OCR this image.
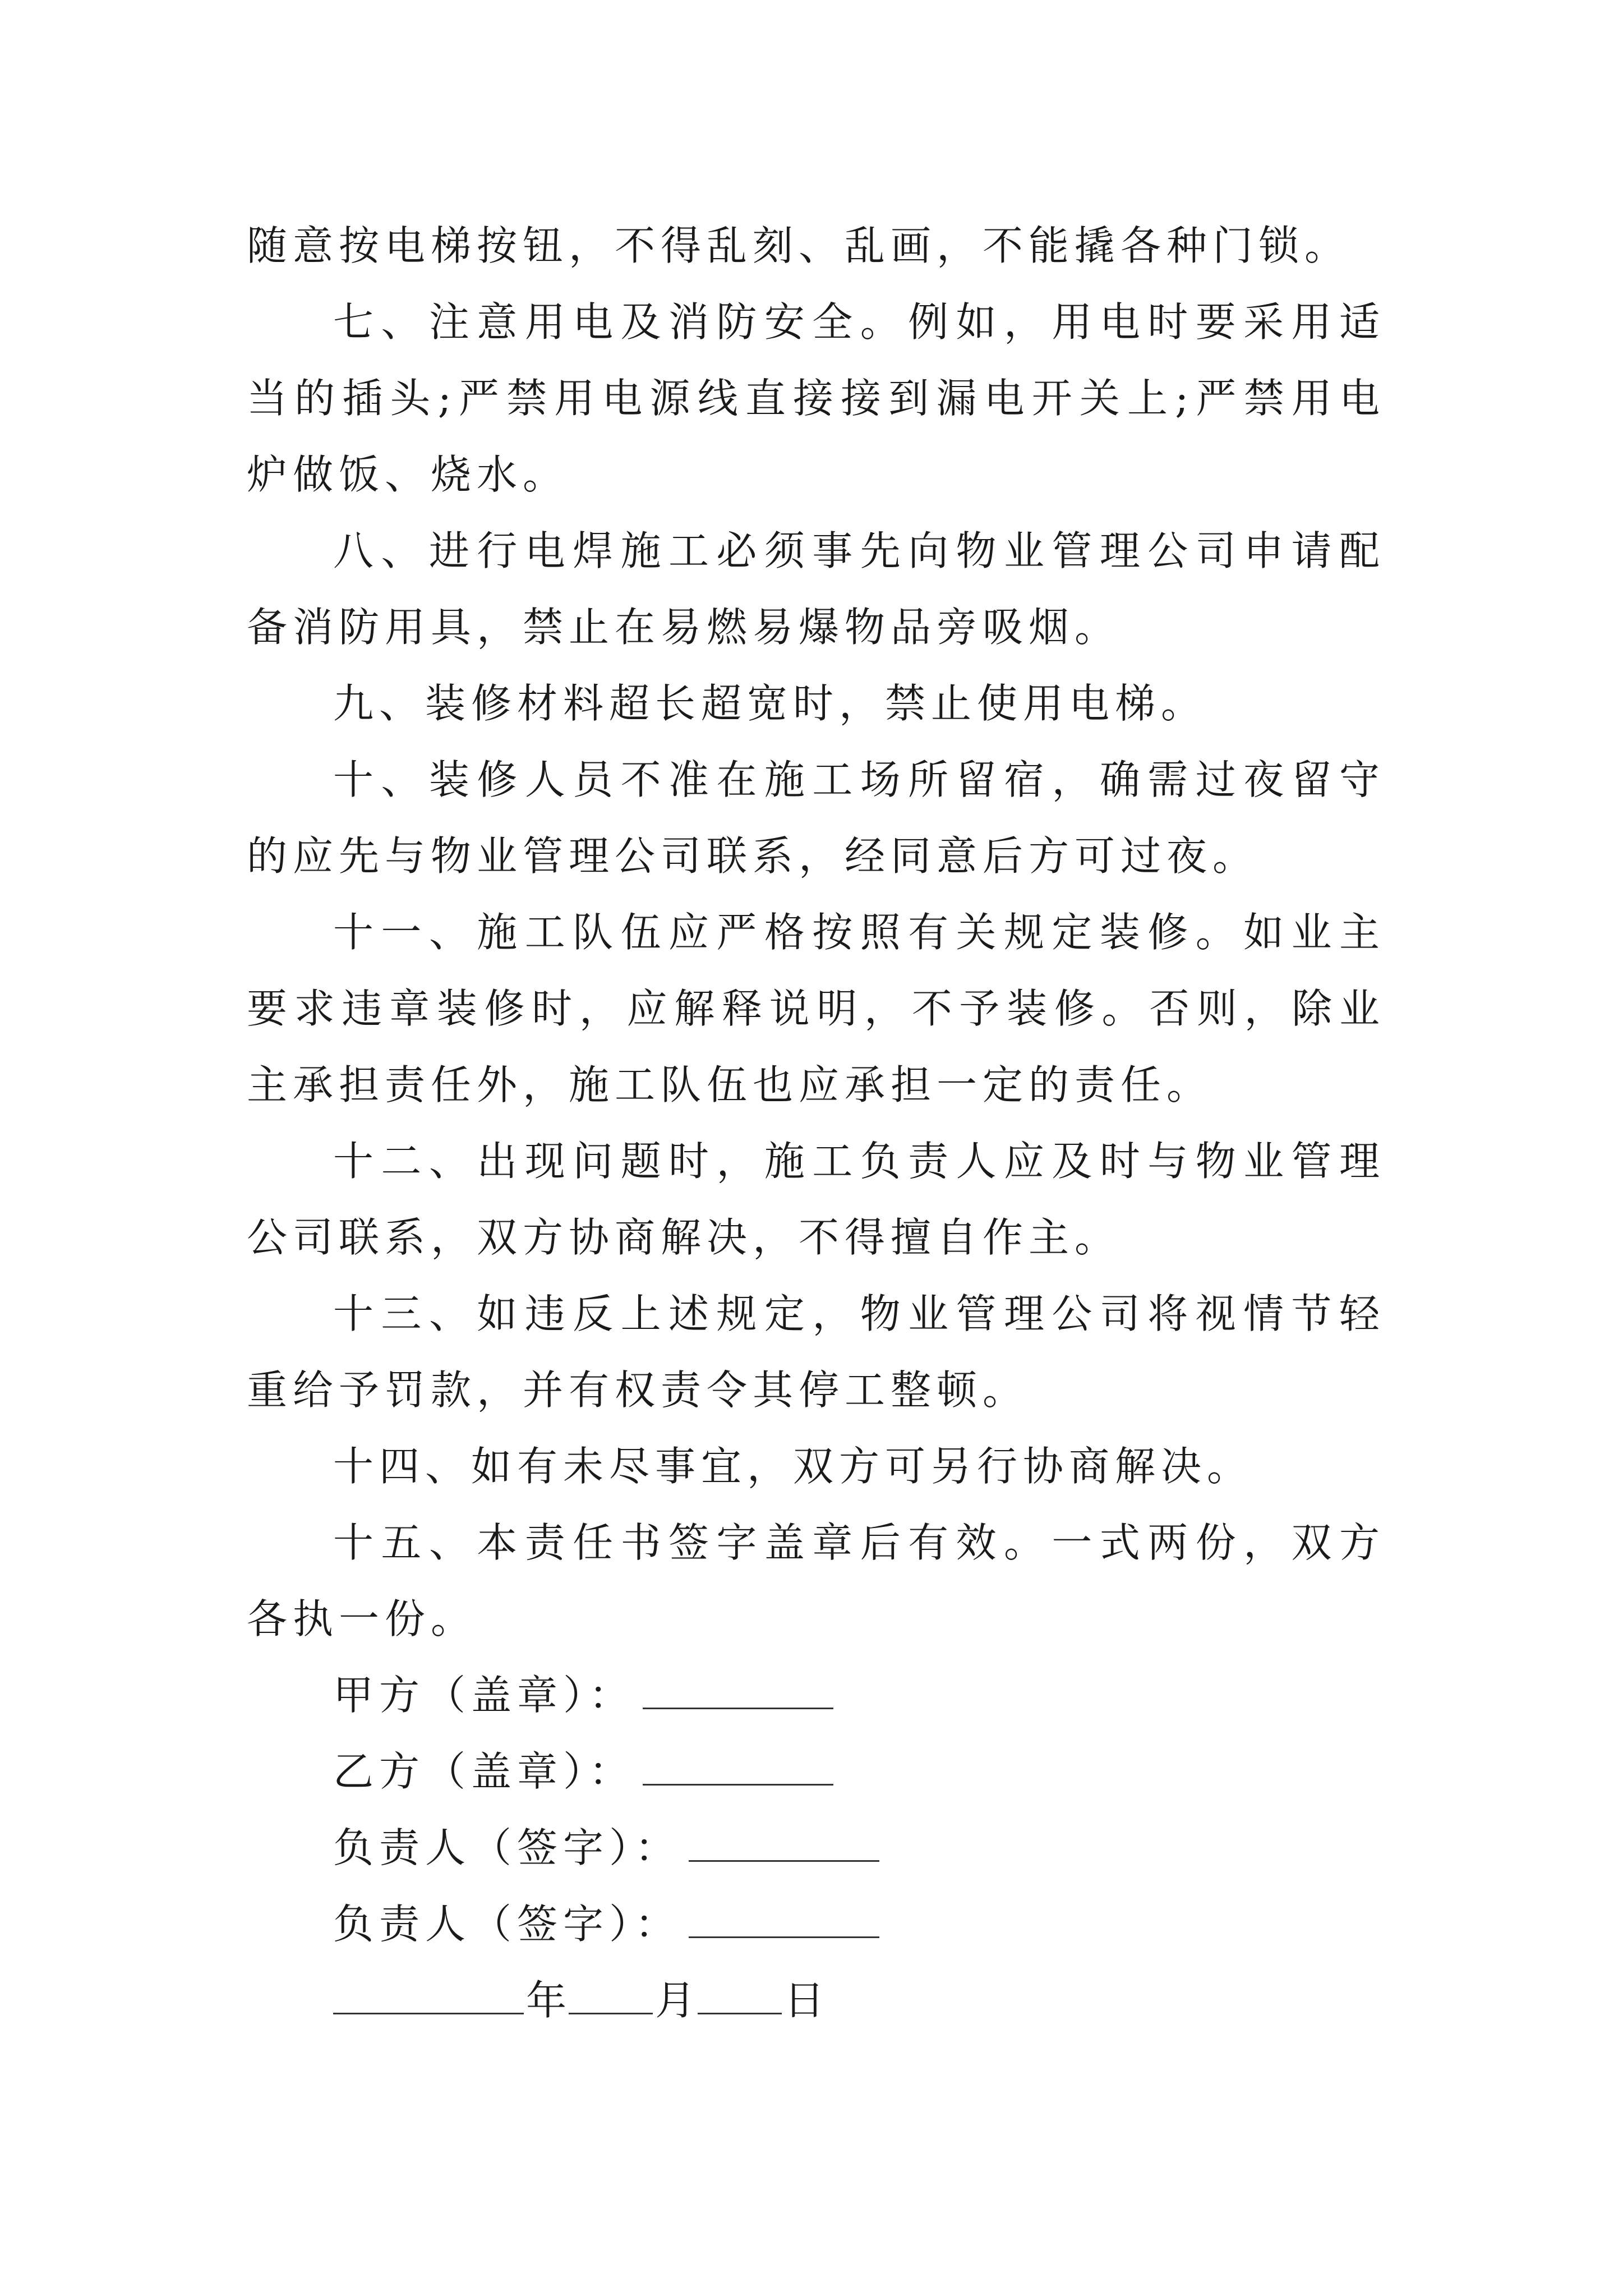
随意按电梯按钮，不得乱刻、乱画，不能撬各种门锁。

七、注意用电及消防安全。例如，用电时要采用适当的插头;严禁用电源线直接接到漏电开关上;严禁用电炉做饭、烧水。

八、进行电焊施工必须事先向物业管理公司申请配备消防用具，禁止在易燃易爆物品旁吸烟。

九、装修材料超长超宽时，禁止使用电梯。

十、装修人员不准在施工场所留宿，确需过夜留守的应先与物业管理公司联系，经同意后方可过夜。

十一、施工队伍应严格按照有关规定装修。如业主要求违章装修时，应解释说明，不予装修。否则，除业主承担责任外，施工队伍也应承担一定的责任。

十二、出现问题时，施工负责人应及时与物业管理公司联系，双方协商解决，不得擅自作主。

十三、如违反上述规定，物业管理公司将视情节轻重给予罚款，并有权责令其停工整顿。

十四、如有未尽事宜，双方可另行协商解决。

十五、本责任书签字盖章后有效。一式两份，双方各执一份。

甲方（盖章）：
乙方（盖章）：
负责人（签字）：
负责人（签字）：
年 月 日
